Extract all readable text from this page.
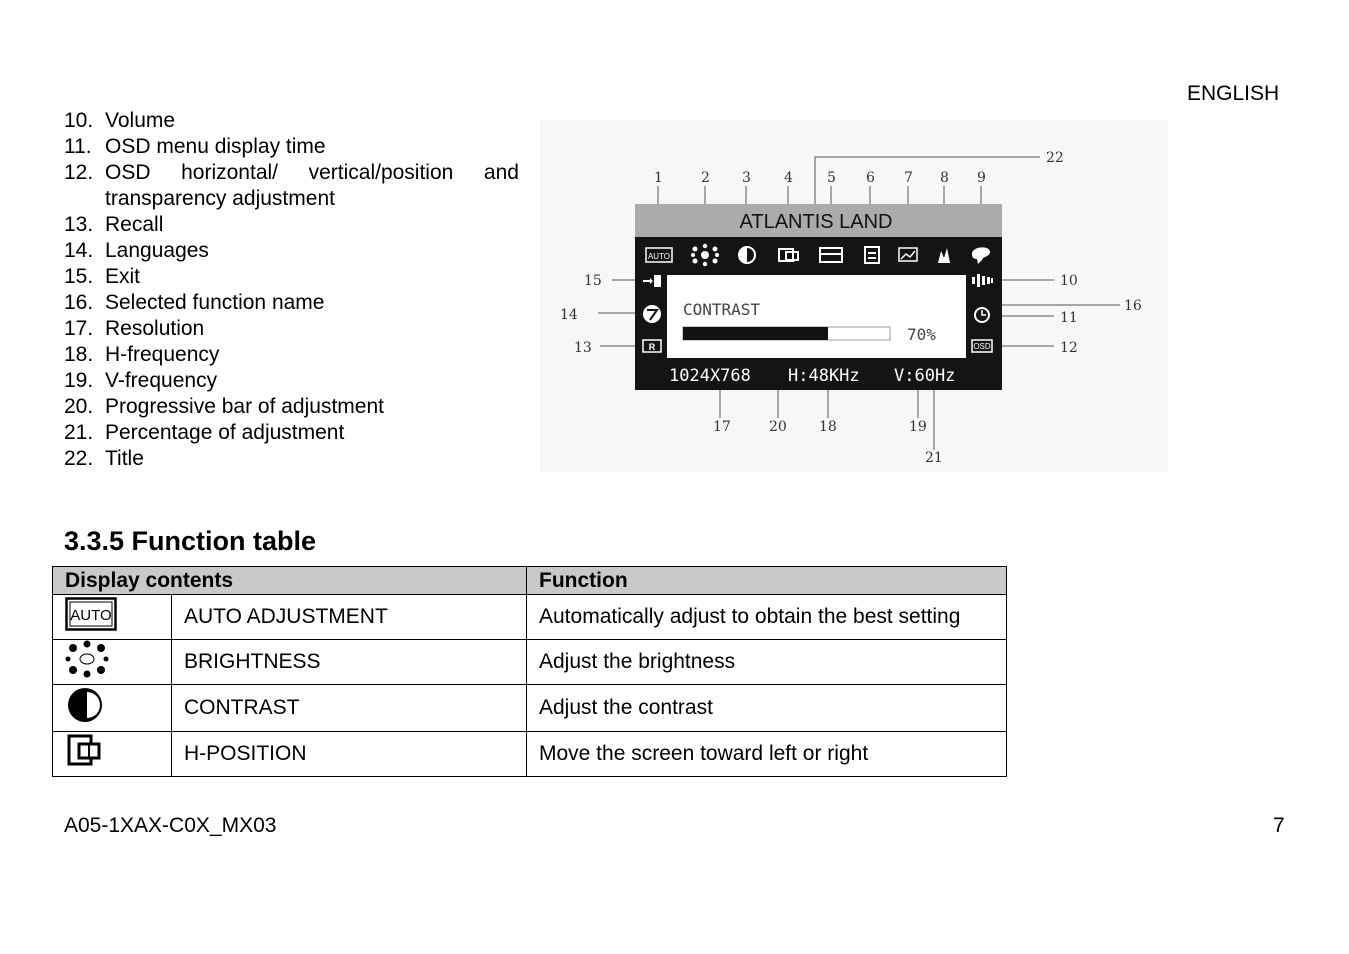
ENGLISH
10. Volume
11. OSD menu display time
12. OSD horizontal/ vertical/position and
transparency adjustment
13. Recall
14. Languages
15. Exit
16. Selected function name
17. Resolution
18. H-frequency
19. V-frequency
20. Progressive bar of adjustment
21. Percentage of adjustment
22. Title
1	2 3 4 5 6 7 8 9
22
15
14
13
10
11
12
16
17	20 18	19
21
ATLANTIS LAND
AUTO
R	OSD
CONTRAST
70%
1024X768 H:48KHz V:60Hz
3.3.5 Function table
Display contents		Function

AUTO	AUTO ADJUSTMENT	Automatically adjust to obtain the best setting
	BRIGHTNESS	Adjust the brightness
	CONTRAST	Adjust the contrast
	H-POSITION	Move the screen toward left or right
A05-1XAX-C0X_MX03	7
